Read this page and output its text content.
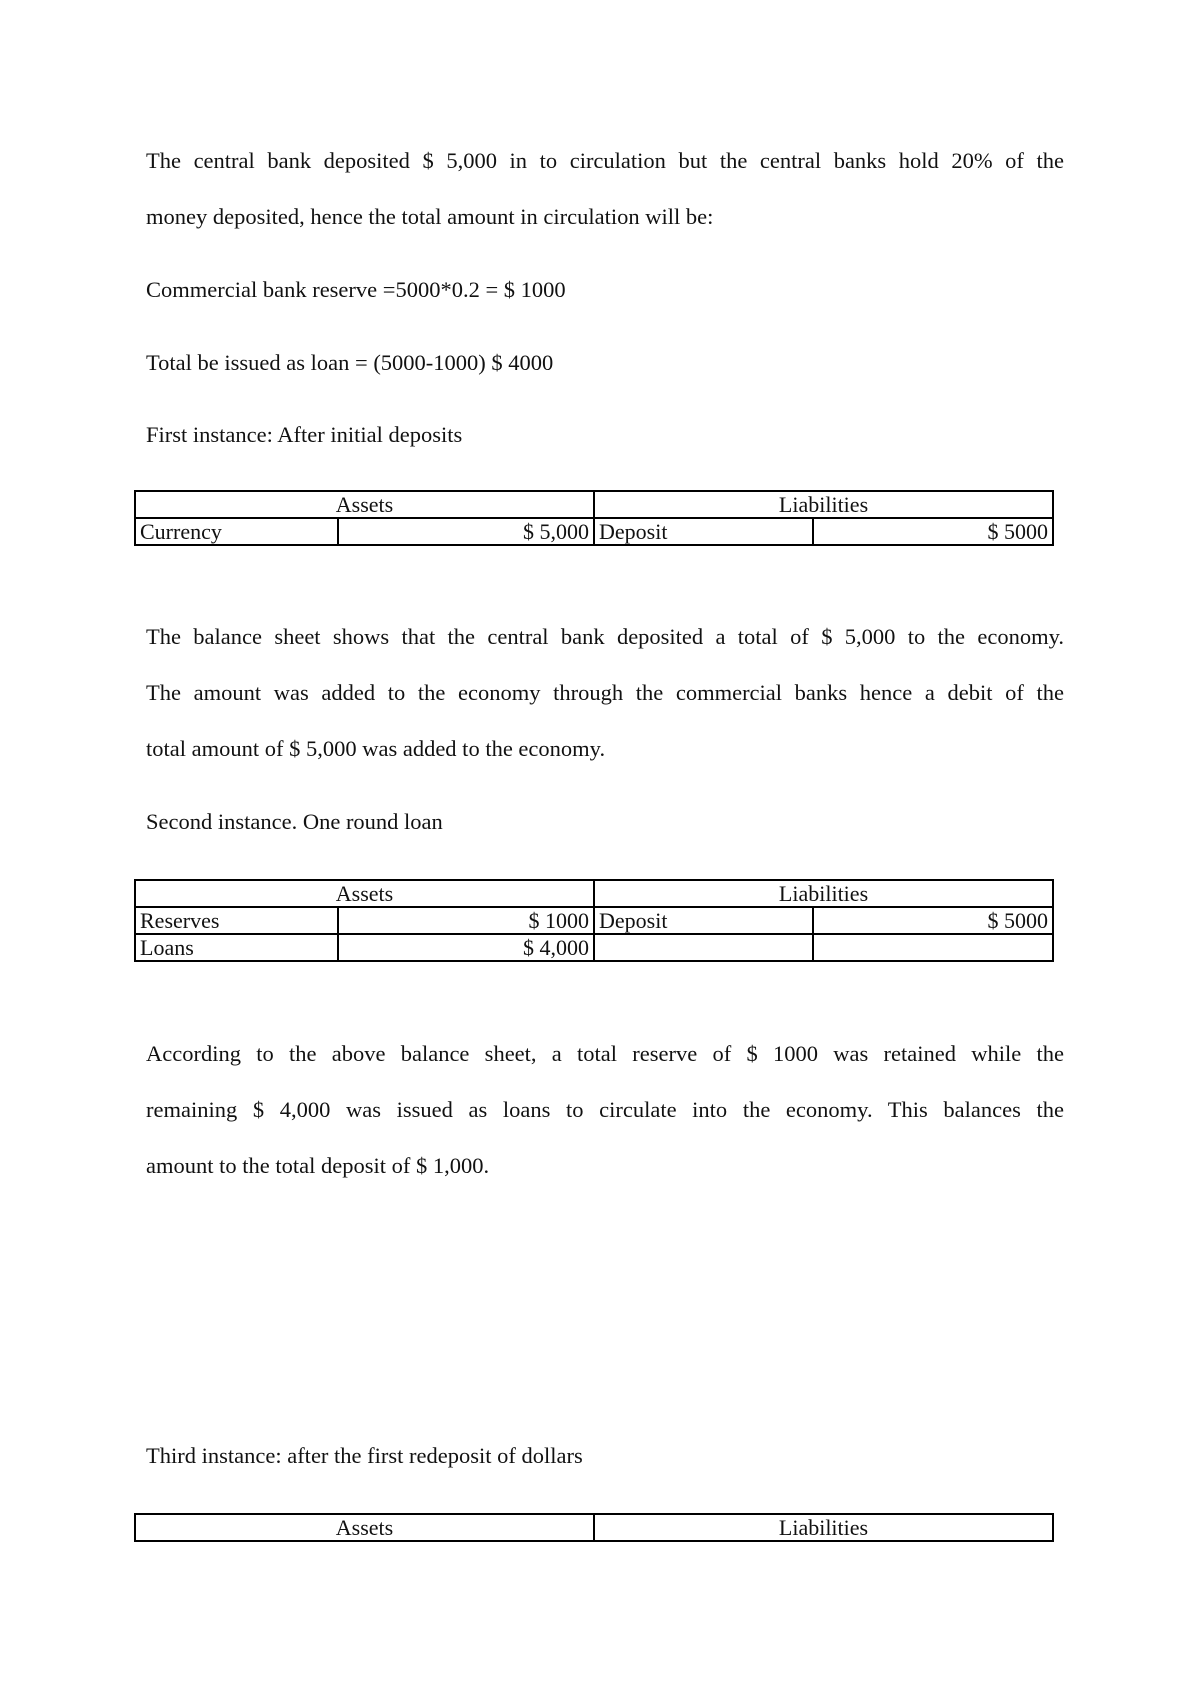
The central bank deposited $ 5,000 in to circulation but the central banks hold 20% of the
money deposited, hence the total amount in circulation will be:
Commercial bank reserve =5000*0.2 = $ 1000
Total be issued as loan = (5000-1000) $ 4000
First instance: After initial deposits
Assets		Liabilities	
Currency	$ 5,000	Deposit	$ 5000
The balance sheet shows that the central bank deposited a total of $ 5,000 to the economy.
The amount was added to the economy through the commercial banks hence a debit of the
total amount of $ 5,000 was added to the economy.
Second instance. One round loan
Assets		Liabilities	
Reserves	$ 1000	Deposit	$ 5000
Loans	$ 4,000		
According to the above balance sheet, a total reserve of $ 1000 was retained while the
remaining $ 4,000 was issued as loans to circulate into the economy. This balances the
amount to the total deposit of $ 1,000.
Third instance: after the first redeposit of dollars
Assets	Liabilities
